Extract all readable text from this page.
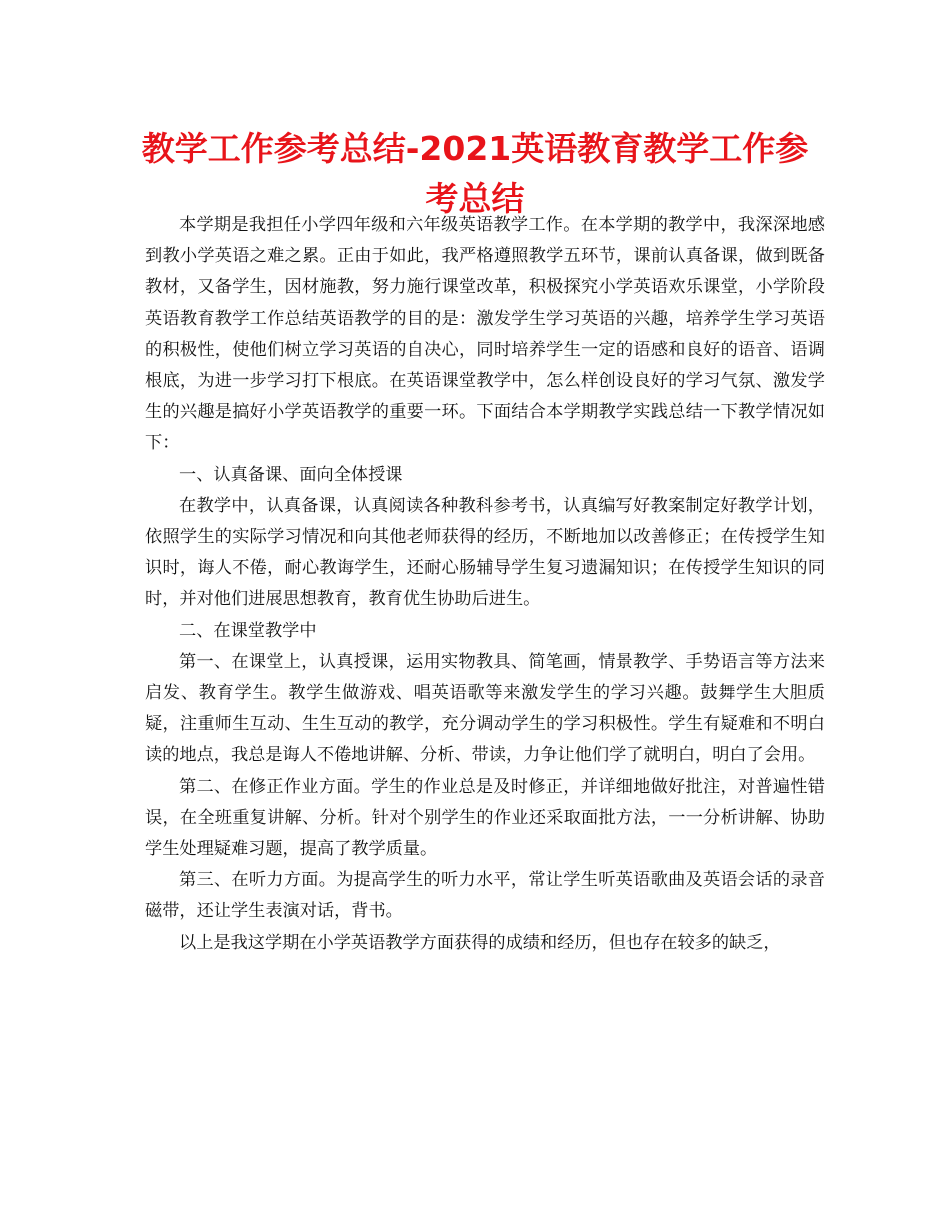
教学工作参考总结-2021英语教育教学工作参考总结

本学期是我担任小学四年级和六年级英语教学工作。在本学期的教学中，我深深地感到教小学英语之难之累。正由于如此，我严格遵照教学五环节，课前认真备课，做到既备教材，又备学生，因材施教，努力施行课堂改革，积极探究小学英语欢乐课堂，小学阶段英语教育教学工作总结英语教学的目的是：激发学生学习英语的兴趣，培养学生学习英语的积极性，使他们树立学习英语的自决心，同时培养学生一定的语感和良好的语音、语调根底，为进一步学习打下根底。在英语课堂教学中，怎么样创设良好的学习气氛、激发学生的兴趣是搞好小学英语教学的重要一环。下面结合本学期教学实践总结一下教学情况如下：

一、认真备课、面向全体授课

在教学中，认真备课，认真阅读各种教科参考书，认真编写好教案制定好教学计划，依照学生的实际学习情况和向其他老师获得的经历，不断地加以改善修正；在传授学生知识时，诲人不倦，耐心教诲学生，还耐心肠辅导学生复习遗漏知识；在传授学生知识的同时，并对他们进展思想教育，教育优生协助后进生。

二、在课堂教学中

第一、在课堂上，认真授课，运用实物教具、简笔画，情景教学、手势语言等方法来启发、教育学生。教学生做游戏、唱英语歌等来激发学生的学习兴趣。鼓舞学生大胆质疑，注重师生互动、生生互动的教学，充分调动学生的学习积极性。学生有疑难和不明白读的地点，我总是诲人不倦地讲解、分析、带读，力争让他们学了就明白，明白了会用。

第二、在修正作业方面。学生的作业总是及时修正，并详细地做好批注，对普遍性错误，在全班重复讲解、分析。针对个别学生的作业还采取面批方法，一一分析讲解、协助学生处理疑难习题，提高了教学质量。

第三、在听力方面。为提高学生的听力水平，常让学生听英语歌曲及英语会话的录音磁带，还让学生表演对话，背书。

以上是我这学期在小学英语教学方面获得的成绩和经历，但也存在较多的缺乏，
